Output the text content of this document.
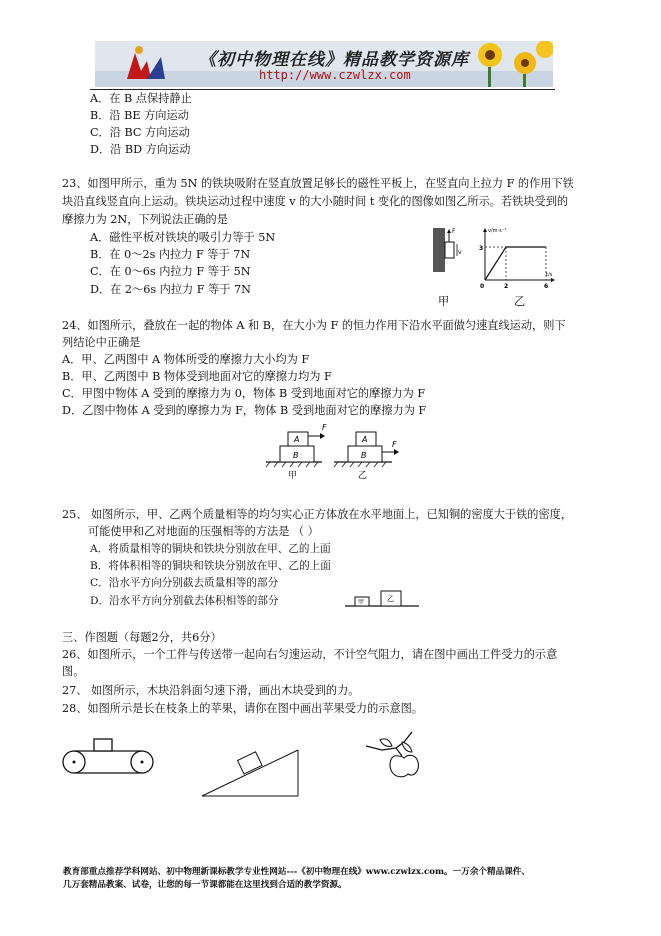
《初中物理在线》精品教学资源库
http://www.czwlzx.com
A．在 B 点保持静止
B．沿 BE 方向运动
C．沿 BC 方向运动
D．沿 BD 方向运动
23、如图甲所示，重为 5N 的铁块吸附在竖直放置足够长的磁性平板上，在竖直向上拉力 F 的作用下铁
块沿直线竖直向上运动。铁块运动过程中速度 v 的大小随时间 t 变化的图像如图乙所示。若铁块受到的
摩擦力为 2N，下列说法正确的是
A．磁性平板对铁块的吸引力等于 5N
B．在 0～2s 内拉力 F 等于 7N
C．在 0～6s 内拉力 F 等于 5N
D．在 2～6s 内拉力 F 等于 7N
F
v
v/m·s⁻¹
t/s
3
0	2	6
甲	乙
24、如图所示，叠放在一起的物体 A 和 B，在大小为 F 的恒力作用下沿水平面做匀速直线运动，则下
列结论中正确是
A．甲、乙两图中 A 物体所受的摩擦力大小均为 F
B．甲、乙两图中 B 物体受到地面对它的摩擦力均为 F
C．甲图中物体 A 受到的摩擦力为 0，物体 B 受到地面对它的摩擦力为 F
D．乙图中物体 A 受到的摩擦力为 F，物体 B 受到地面对它的摩擦力为 F
A
B
F
A
B
F
甲	乙
25、 如图所示，甲、乙两个质量相等的均匀实心正方体放在水平地面上，已知铜的密度大于铁的密度，
可能使甲和乙对地面的压强相等的方法是 （ ）
A．将质量相等的铜块和铁块分别放在甲、乙的上面
B．将体积相等的铜块和铁块分别放在甲、乙的上面
C．沿水平方向分别截去质量相等的部分
D．沿水平方向分别截去体积相等的部分	甲	乙
三、作图题（每题2分，共6分）
26、如图所示，一个工件与传送带一起向右匀速运动，不计空气阻力，请在图中画出工件受力的示意
图。
27、 如图所示，木块沿斜面匀速下滑，画出木块受到的力。
28、如图所示是长在枝条上的苹果，请你在图中画出苹果受力的示意图。
教育部重点推荐学科网站、初中物理新课标教学专业性网站---《初中物理在线》www.czwlzx.com。一万余个精品课件、
几万套精品教案、试卷，让您的每一节课都能在这里找到合适的教学资源。
